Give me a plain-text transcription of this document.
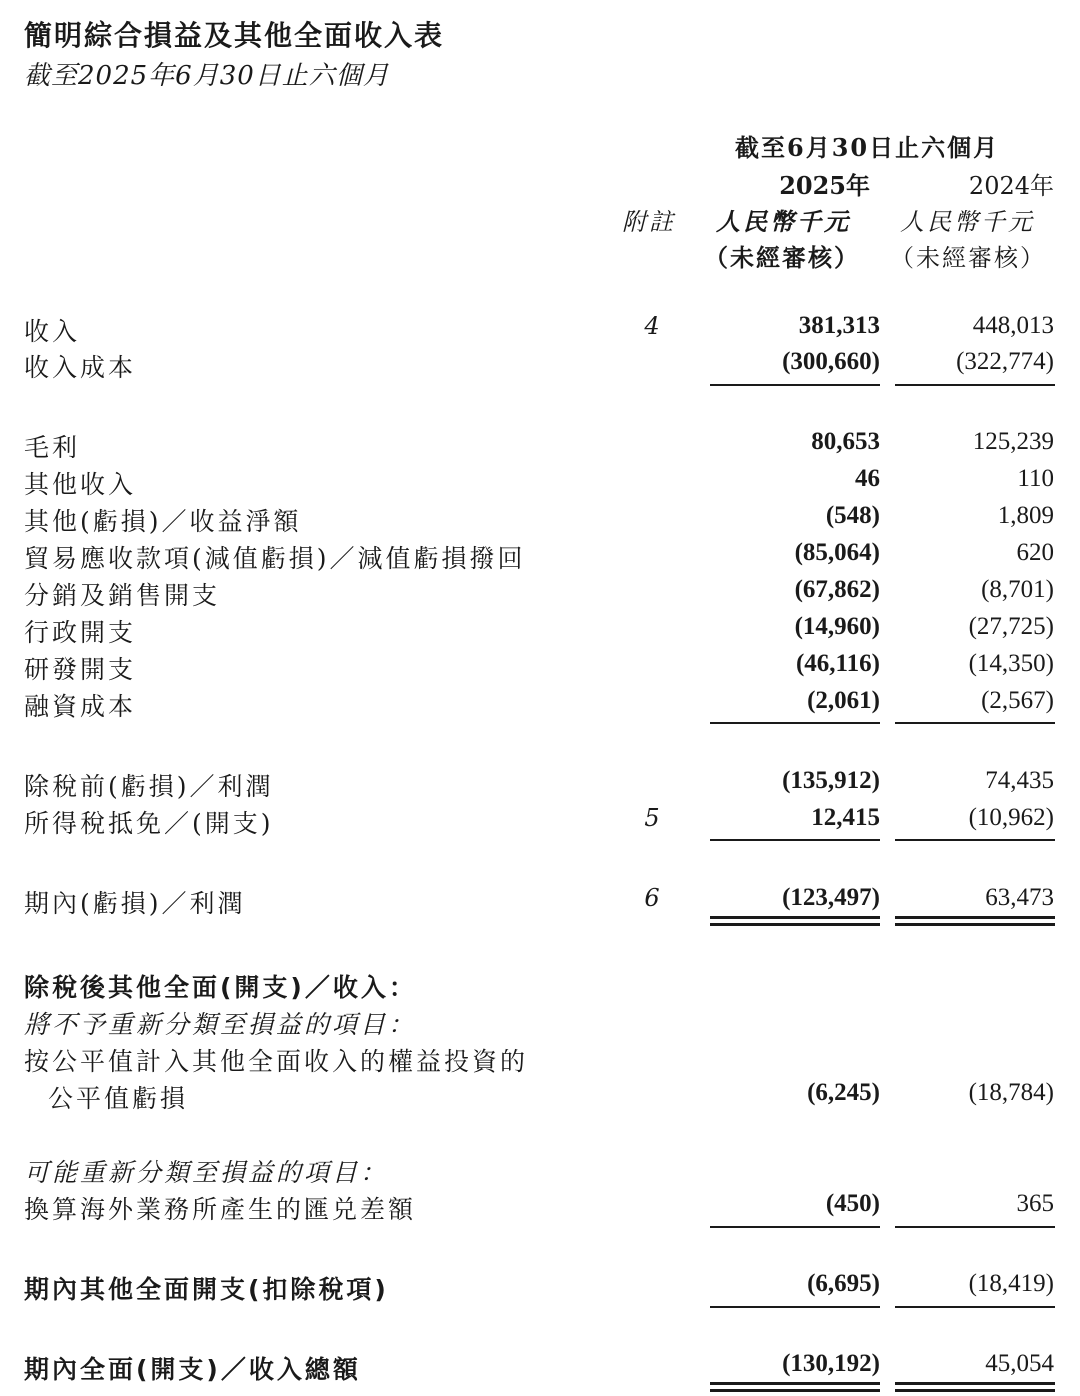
簡明綜合損益及其他全面收入表
截至2025年6月30日止六個月
截至6月30日止六個月
2025年	2024年
附註 人民幣千元 人民幣千元
（未經審核） （未經審核）
收入	4	381,313	448,013
收入成本	(300,660)	(322,774)
毛利	80,653	125,239
其他收入	46	110
其他(虧損)／收益淨額	(548)	1,809
貿易應收款項(減值虧損)／減值虧損撥回	(85,064)	620
分銷及銷售開支	(67,862)	(8,701)
行政開支	(14,960)	(27,725)
研發開支	(46,116)	(14,350)
融資成本	(2,061)	(2,567)
除稅前(虧損)／利潤	(135,912)	74,435
所得稅抵免／(開支)	5	12,415	(10,962)
期內(虧損)／利潤	6	(123,497)	63,473
除稅後其他全面(開支)／收入：
將不予重新分類至損益的項目：
按公平值計入其他全面收入的權益投資的
公平值虧損	(6,245)	(18,784)
可能重新分類至損益的項目：
換算海外業務所產生的匯兑差額	(450)	365
期內其他全面開支(扣除稅項)	(6,695)	(18,419)
期內全面(開支)／收入總額	(130,192)	45,054
